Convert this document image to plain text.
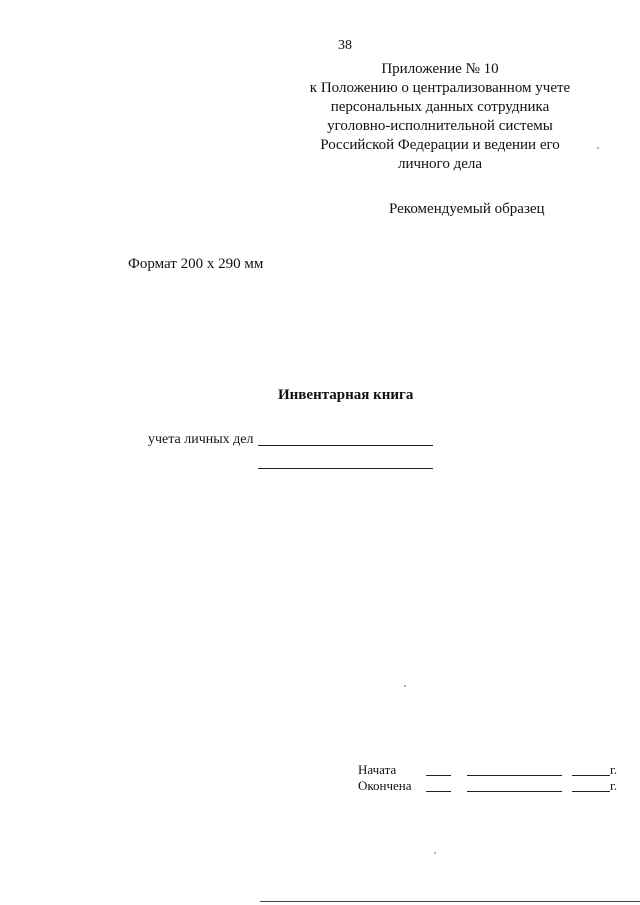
38
Приложение № 10
к Положению о централизованном учете
персональных данных сотрудника
уголовно-исполнительной системы
Российской Федерации и ведении его
личного дела
Рекомендуемый образец
Формат 200 x 290 мм
Инвентарная книга
учета личных дел
Начата	г.
Окончена	г.
